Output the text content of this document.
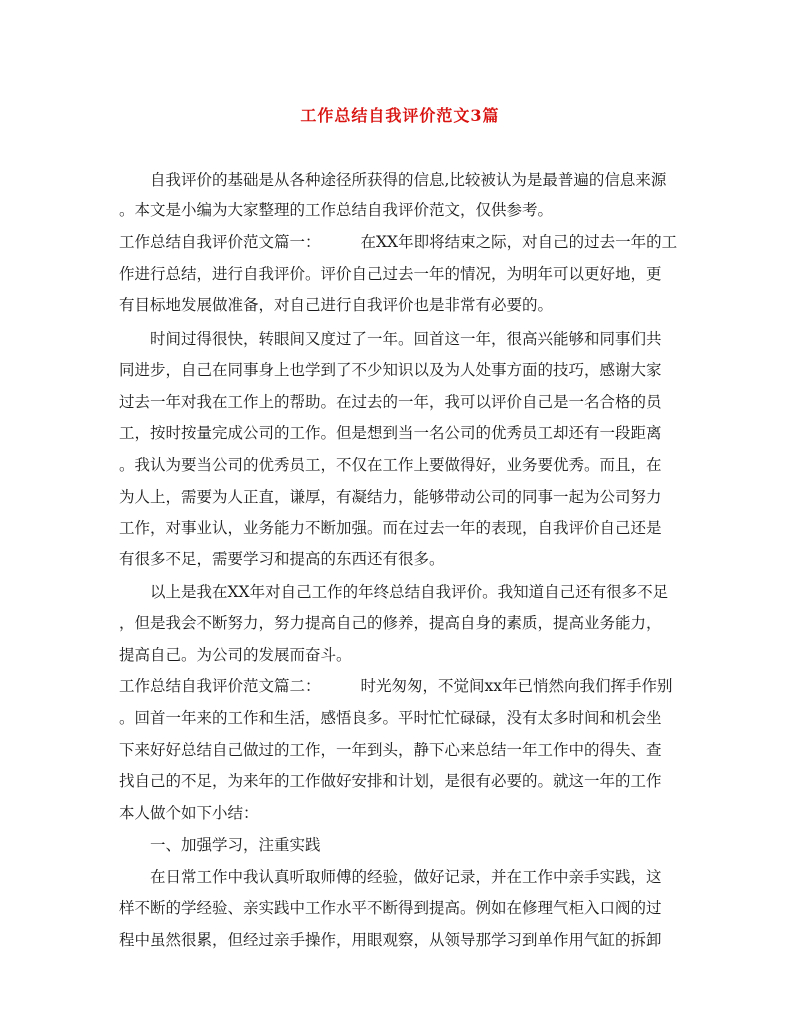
工作总结自我评价范文3篇
自我评价的基础是从各种途径所获得的信息,比较被认为是最普遍的信息来源
。本文是小编为大家整理的工作总结自我评价范文，仅供参考。
工作总结自我评价范文篇一：	在XX年即将结束之际，对自己的过去一年的工
作进行总结，进行自我评价。评价自己过去一年的情况，为明年可以更好地，更
有目标地发展做准备，对自己进行自我评价也是非常有必要的。
时间过得很快，转眼间又度过了一年。回首这一年，很高兴能够和同事们共
同进步，自己在同事身上也学到了不少知识以及为人处事方面的技巧，感谢大家
过去一年对我在工作上的帮助。在过去的一年，我可以评价自己是一名合格的员
工，按时按量完成公司的工作。但是想到当一名公司的优秀员工却还有一段距离
。我认为要当公司的优秀员工，不仅在工作上要做得好，业务要优秀。而且，在
为人上，需要为人正直，谦厚，有凝结力，能够带动公司的同事一起为公司努力
工作，对事业认，业务能力不断加强。而在过去一年的表现，自我评价自己还是
有很多不足，需要学习和提高的东西还有很多。
以上是我在XX年对自己工作的年终总结自我评价。我知道自己还有很多不足
，但是我会不断努力，努力提高自己的修养，提高自身的素质，提高业务能力，
提高自己。为公司的发展而奋斗。
工作总结自我评价范文篇二：	时光匆匆，不觉间xx年已悄然向我们挥手作别
。回首一年来的工作和生活，感悟良多。平时忙忙碌碌，没有太多时间和机会坐
下来好好总结自己做过的工作，一年到头，静下心来总结一年工作中的得失、查
找自己的不足，为来年的工作做好安排和计划，是很有必要的。就这一年的工作
本人做个如下小结：
一、加强学习，注重实践
在日常工作中我认真听取师傅的经验，做好记录，并在工作中亲手实践，这
样不断的学经验、亲实践中工作水平不断得到提高。例如在修理气柜入口阀的过
程中虽然很累，但经过亲手操作，用眼观察，从领导那学习到单作用气缸的拆卸
